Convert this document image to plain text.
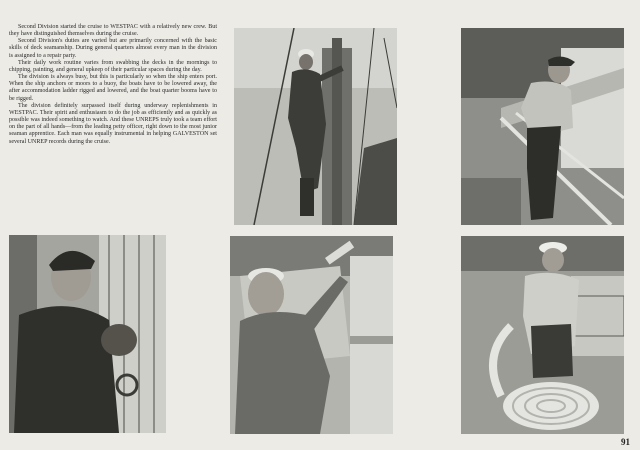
Second Division started the cruise to WESTPAC with a relatively new crew. But they have distinguished themselves during the cruise.

Second Division's duties are varied but are primarily concerned with the basic skills of deck seamanship. During general quarters almost every man in the division is assigned to a repair party.

Their daily work routine varies from swabbing the decks in the mornings to chipping, painting, and general upkeep of their particular spaces during the day.

The division is always busy, but this is particularly so when the ship enters port. When the ship anchors or moors to a buoy, the boats have to be lowered away, the after accommodation ladder rigged and lowered, and the boat quarter booms have to be rigged.

The division definitely surpassed itself during underway replenishments in WESTPAC. Their spirit and enthusiasm to do the job as efficiently and as quickly as possible was indeed something to watch. And these UNREPS truly took a team effort on the part of all hands—from the leading petty officer, right down to the most junior seaman apprentice. Each man was equally instrumental in helping GALVESTON set several UNREP records during the cruise.

91
